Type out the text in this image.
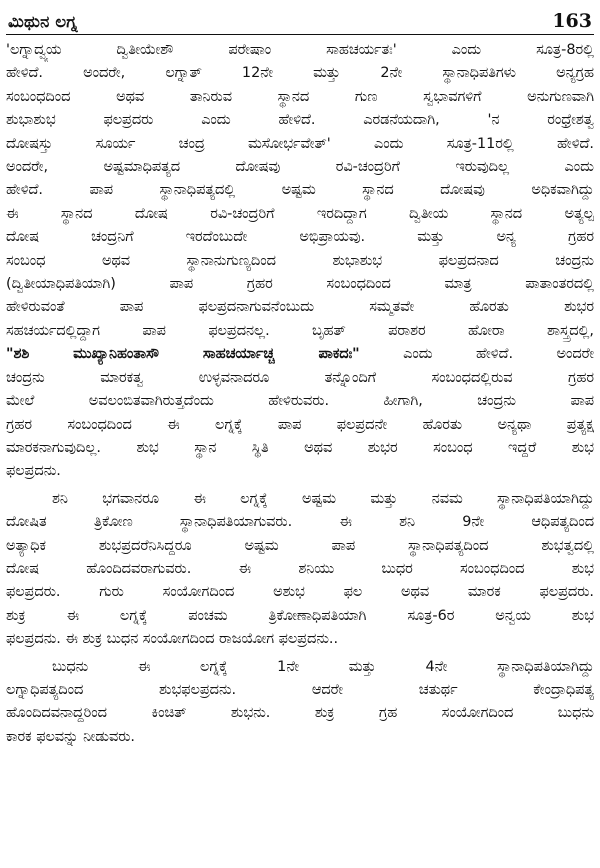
ಮಿಥುನ ಲಗ್ನ	163

'ಲಗ್ನಾದ್ವ್ಯಯ ದ್ವಿತೀಯೇಶೌ ಪರೇಷಾಂ ಸಾಹಚರ್ಯತಃ' ಎಂದು ಸೂತ್ರ-8ರಲ್ಲಿ

ಹೇಳಿದೆ. ಅಂದರೇ, ಲಗ್ನಾತ್ 12ನೇ ಮತ್ತು 2ನೇ ಸ್ಥಾನಾಧಿಪತಿಗಳು ಅನ್ಯಗ್ರಹ

ಸಂಬಂಧದಿಂದ ಅಥವ ತಾನಿರುವ ಸ್ಥಾನದ ಗುಣ ಸ್ವಭಾವಗಳಿಗೆ ಅನುಗುಣವಾಗಿ

ಶುಭಾಶುಭ ಫಲಪ್ರದರು ಎಂದು ಹೇಳಿದೆ. ಎರಡನೆಯದಾಗಿ, 'ನ ರಂಧ್ರೇಶತ್ವ

ದೋಷಸ್ತು ಸೂರ್ಯ ಚಂದ್ರ ಮಸೋರ್ಭವೇತ್' ಎಂದು ಸೂತ್ರ-11ರಲ್ಲಿ ಹೇಳಿದೆ.

ಅಂದರೇ, ಅಷ್ಟಮಾಧಿಪತ್ಯದ ದೋಷವು ರವಿ-ಚಂದ್ರರಿಗೆ ಇರುವುದಿಲ್ಲ ಎಂದು

ಹೇಳಿದೆ. ಪಾಪ ಸ್ಥಾನಾಧಿಪತ್ಯದಲ್ಲಿ ಅಷ್ಟಮ ಸ್ಥಾನದ ದೋಷವು ಅಧಿಕವಾಗಿದ್ದು

ಈ ಸ್ಥಾನದ ದೋಷ ರವಿ-ಚಂದ್ರರಿಗೆ ಇರದಿದ್ದಾಗ ದ್ವಿತೀಯ ಸ್ಥಾನದ ಅತ್ಯಲ್ಪ

ದೋಷ ಚಂದ್ರನಿಗೆ ಇರದೆಂಬುದೇ ಅಭಿಪ್ರಾಯವು. ಮತ್ತು ಅನ್ಯ ಗ್ರಹರ

ಸಂಬಂಧ ಅಥವ ಸ್ಥಾನಾನುಗುಣ್ಯದಿಂದ ಶುಭಾಶುಭ ಫಲಪ್ರದನಾದ ಚಂದ್ರನು

(ದ್ವಿತೀಯಾಧಿಪತಿಯಾಗಿ) ಪಾಪ ಗ್ರಹರ ಸಂಬಂಧದಿಂದ ಮಾತ್ರ ಪಾತಾಂತರದಲ್ಲಿ

ಹೇಳಿರುವಂತೆ ಪಾಪ ಫಲಪ್ರದನಾಗುವನೆಂಬುದು ಸಮ್ಮತವೇ ಹೊರತು ಶುಭರ

ಸಹಚರ್ಯದಲ್ಲಿದ್ದಾಗ ಪಾಪ ಫಲಪ್ರದನಲ್ಲ. ಬೃಹತ್ ಪರಾಶರ ಹೋರಾ ಶಾಸ್ತ್ರದಲ್ಲಿ,

"ಶಶಿ ಮುಖ್ಯಾನಿಹಂತಾಸೌ ಸಾಹಚರ್ಯಾಚ್ಚ ಪಾಕದಃ" ಎಂದು ಹೇಳಿದೆ. ಅಂದರೇ

ಚಂದ್ರನು ಮಾರಕತ್ವ ಉಳ್ಳವನಾದರೂ ತನ್ನೊಂದಿಗೆ ಸಂಬಂಧದಲ್ಲಿರುವ ಗ್ರಹರ

ಮೇಲೆ ಅವಲಂಬಿತವಾಗಿರುತ್ತದೆಂದು ಹೇಳಿರುವರು. ಹೀಗಾಗಿ, ಚಂದ್ರನು ಪಾಪ

ಗ್ರಹರ ಸಂಬಂಧದಿಂದ ಈ ಲಗ್ನಕ್ಕೆ ಪಾಪ ಫಲಪ್ರದನೇ ಹೊರತು ಅನ್ಯಥಾ ಪ್ರತ್ಯಕ್ಷ

ಮಾರಕನಾಗುವುದಿಲ್ಲ. ಶುಭ ಸ್ಥಾನ ಸ್ಥಿತಿ ಅಥವ ಶುಭರ ಸಂಬಂಧ ಇದ್ದರೆ ಶುಭ

ಫಲಪ್ರದನು.

ಶನಿ ಭಗವಾನರೂ ಈ ಲಗ್ನಕ್ಕೆ ಅಷ್ಟಮ ಮತ್ತು ನವಮ ಸ್ಥಾನಾಧಿಪತಿಯಾಗಿದ್ದು

ದೋಷಿತ ತ್ರಿಕೋಣ ಸ್ಥಾನಾಧಿಪತಿಯಾಗುವರು. ಈ ಶನಿ 9ನೇ ಆಧಿಪತ್ಯದಿಂದ

ಅತ್ಯಾಧಿಕ ಶುಭಪ್ರದರೆನಿಸಿದ್ದರೂ ಅಷ್ಟಮ ಪಾಪ ಸ್ಥಾನಾಧಿಪತ್ಯದಿಂದ ಶುಭತ್ವದಲ್ಲಿ

ದೋಷ ಹೊಂದಿದವರಾಗುವರು. ಈ ಶನಿಯು ಬುಧರ ಸಂಬಂಧದಿಂದ ಶುಭ

ಫಲಪ್ರದರು. ಗುರು ಸಂಯೋಗದಿಂದ ಅಶುಭ ಫಲ ಅಥವ ಮಾರಕ ಫಲಪ್ರದರು.

ಶುಕ್ರ ಈ ಲಗ್ನಕ್ಕೆ ಪಂಚಮ ತ್ರಿಕೋಣಾಧಿಪತಿಯಾಗಿ ಸೂತ್ರ-6ರ ಅನ್ವಯ ಶುಭ

ಫಲಪ್ರದನು. ಈ ಶುಕ್ರ ಬುಧನ ಸಂಯೋಗದಿಂದ ರಾಜಯೋಗ ಫಲಪ್ರದನು..

ಬುಧನು ಈ ಲಗ್ನಕ್ಕೆ 1ನೇ ಮತ್ತು 4ನೇ ಸ್ಥಾನಾಧಿಪತಿಯಾಗಿದ್ದು

ಲಗ್ನಾಧಿಪತ್ಯದಿಂದ ಶುಭಫಲಪ್ರದನು. ಆದರೇ ಚತುರ್ಥ ಕೇಂದ್ರಾಧಿಪತ್ಯ

ಹೊಂದಿದವನಾದ್ದರಿಂದ ಕಿಂಚಿತ್ ಶುಭನು. ಶುಕ್ರ ಗ್ರಹ ಸಂಯೋಗದಿಂದ ಬುಧನು

ಕಾರಕ ಫಲವನ್ನು ನೀಡುವರು.
